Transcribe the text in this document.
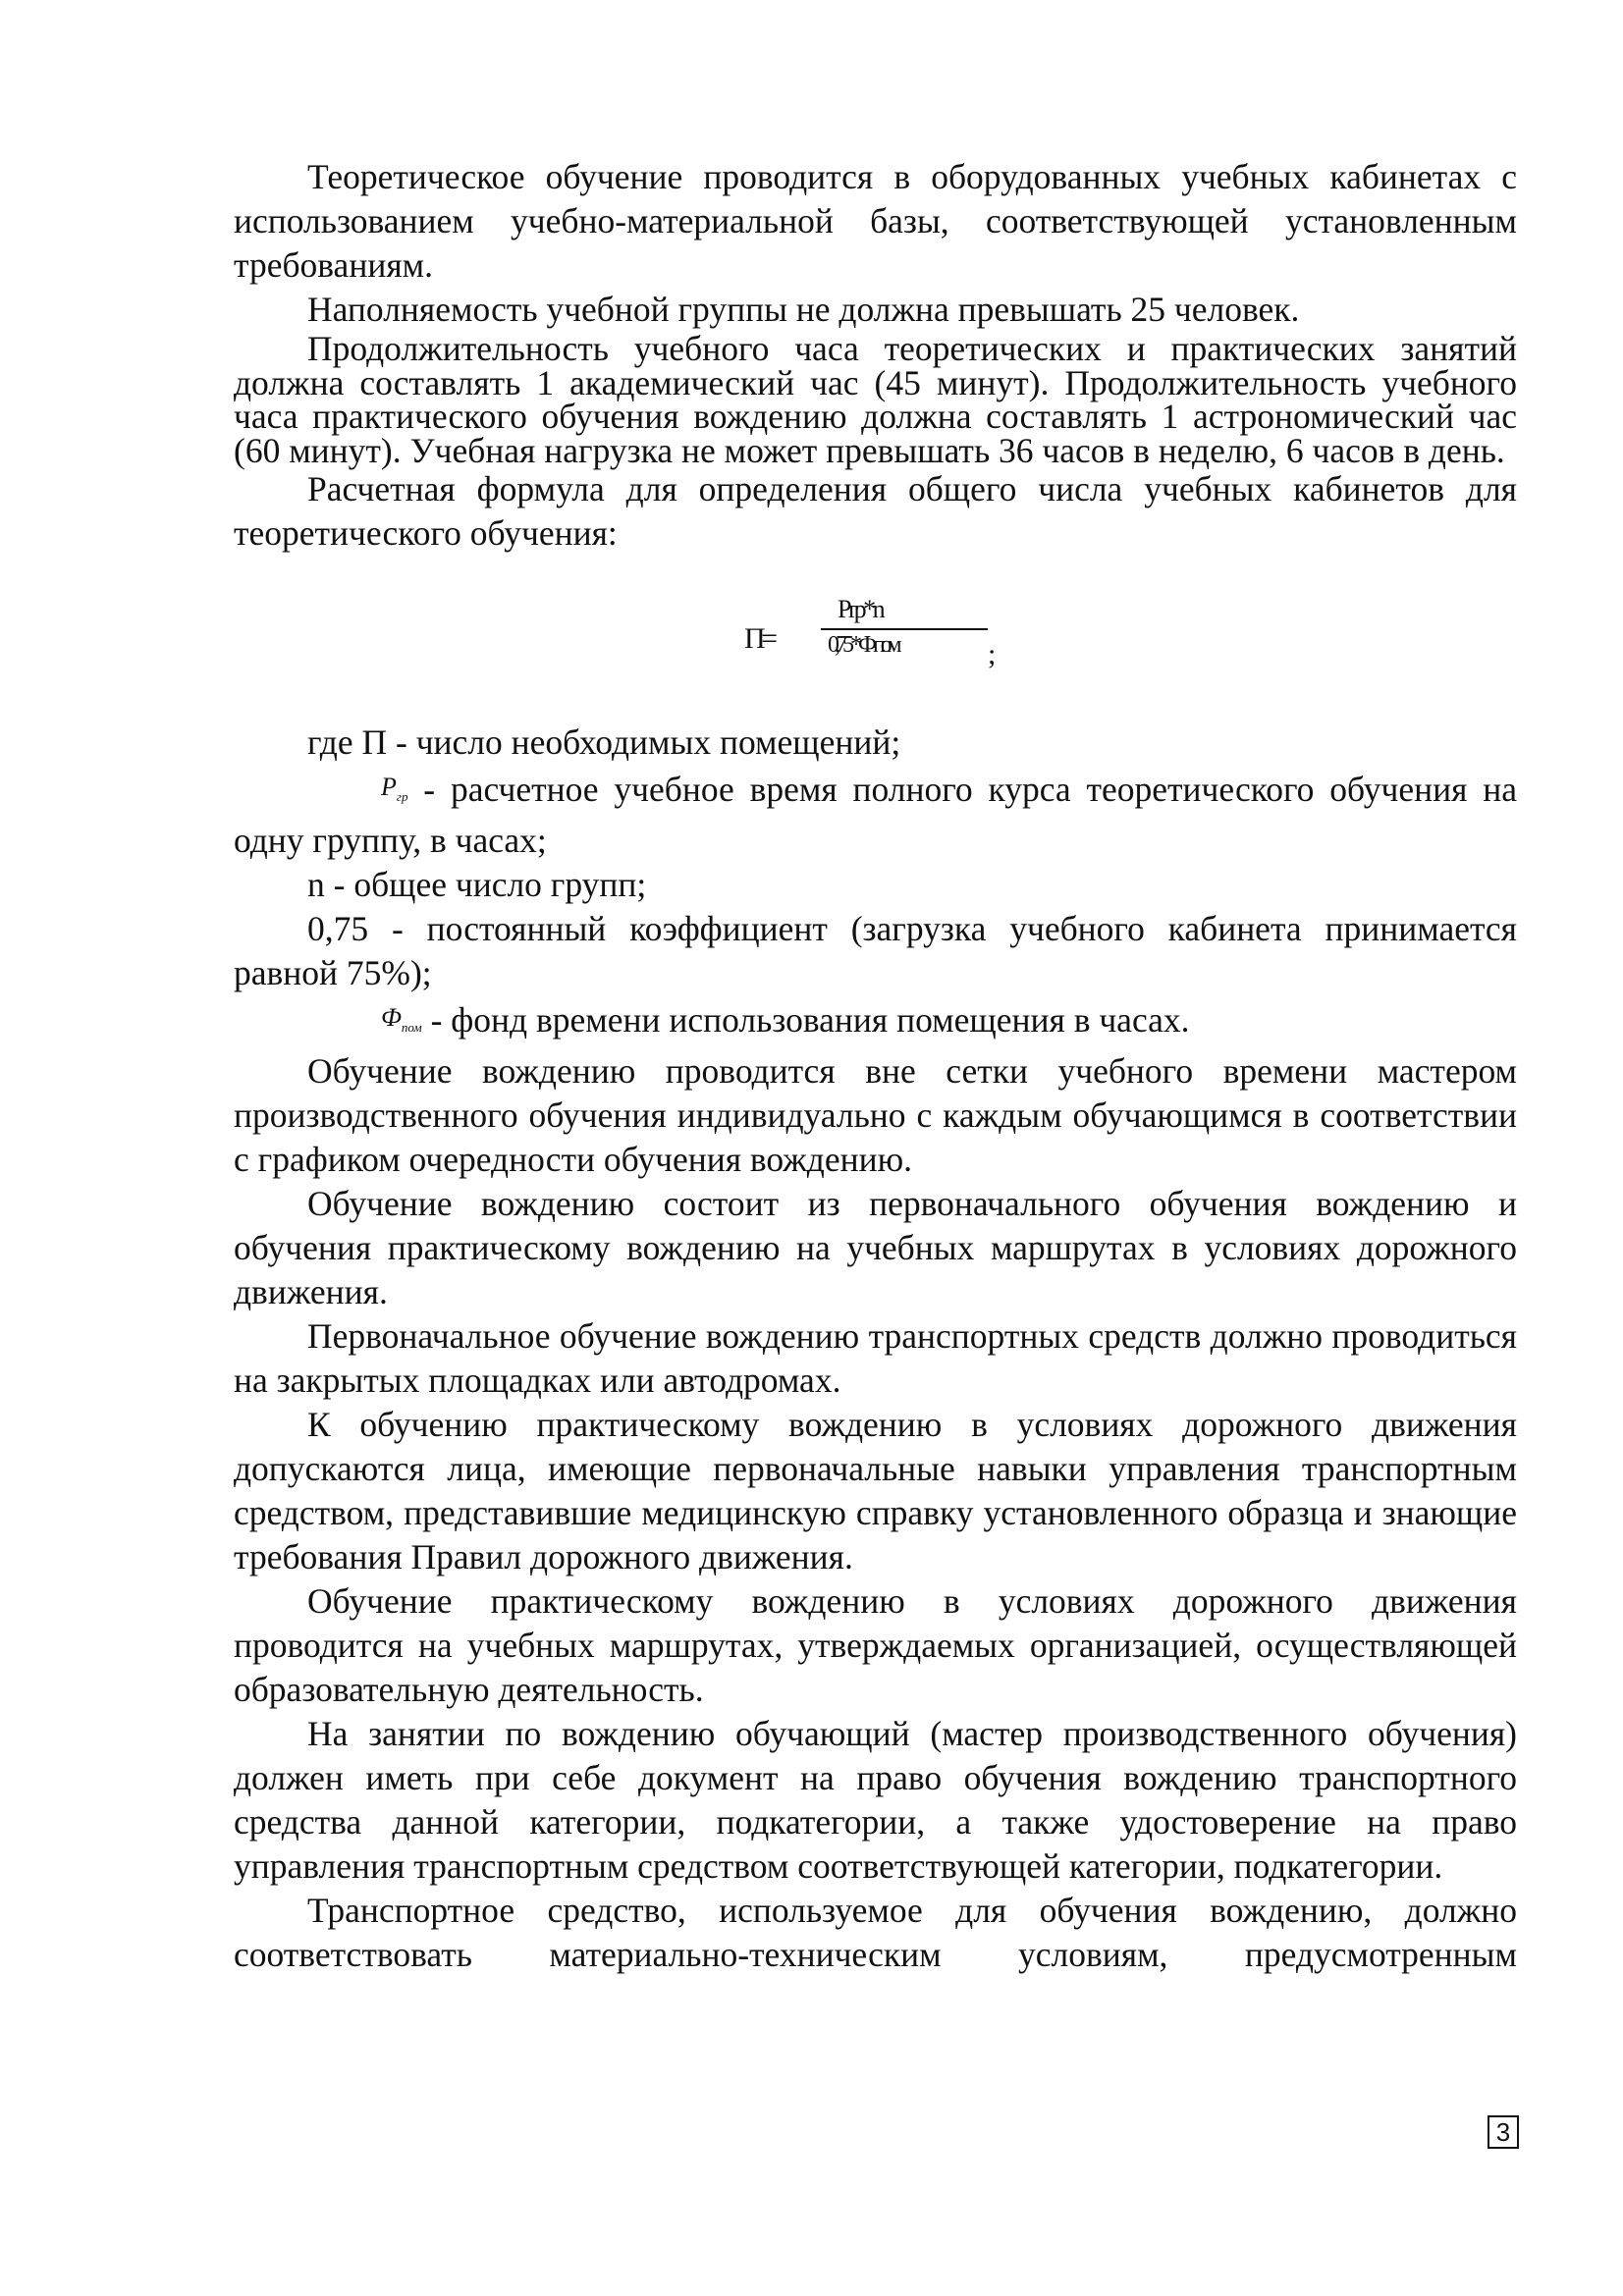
Теоретическое обучение проводится в оборудованных учебных кабинетах с использованием учебно-материальной базы, соответствующей установленным требованиям.

Наполняемость учебной группы не должна превышать 25 человек.

Продолжительность учебного часа теоретических и практических занятий должна составлять 1 академический час (45 минут). Продолжительность учебного часа практического обучения вождению должна составлять 1 астрономический час (60 минут). Учебная нагрузка не может превышать 36 часов в неделю, 6 часов в день.

Расчетная формула для определения общего числа учебных кабинетов для теоретического обучения:

П =
Р гр * n
0,75 * Ф пом	;

где П - число необходимых помещений;

$Р_{гр}$ - расчетное учебное время полного курса теоретического обучения на одну группу, в часах;

n - общее число групп;

0,75 - постоянный коэффициент (загрузка учебного кабинета принимается равной 75%);

$Ф_{пом}$ - фонд времени использования помещения в часах.

Обучение вождению проводится вне сетки учебного времени мастером производственного обучения индивидуально с каждым обучающимся в соответствии с графиком очередности обучения вождению.

Обучение вождению состоит из первоначального обучения вождению и обучения практическому вождению на учебных маршрутах в условиях дорожного движения.

Первоначальное обучение вождению транспортных средств должно проводиться на закрытых площадках или автодромах.

К обучению практическому вождению в условиях дорожного движения допускаются лица, имеющие первоначальные навыки управления транспортным средством, представившие медицинскую справку установленного образца и знающие требования Правил дорожного движения.

Обучение практическому вождению в условиях дорожного движения проводится на учебных маршрутах, утверждаемых организацией, осуществляющей образовательную деятельность.

На занятии по вождению обучающий (мастер производственного обучения) должен иметь при себе документ на право обучения вождению транспортного средства данной категории, подкатегории, а также удостоверение на право управления транспортным средством соответствующей категории, подкатегории.

Транспортное средство, используемое для обучения вождению, должно соответствовать материально-техническим условиям, предусмотренным

3
